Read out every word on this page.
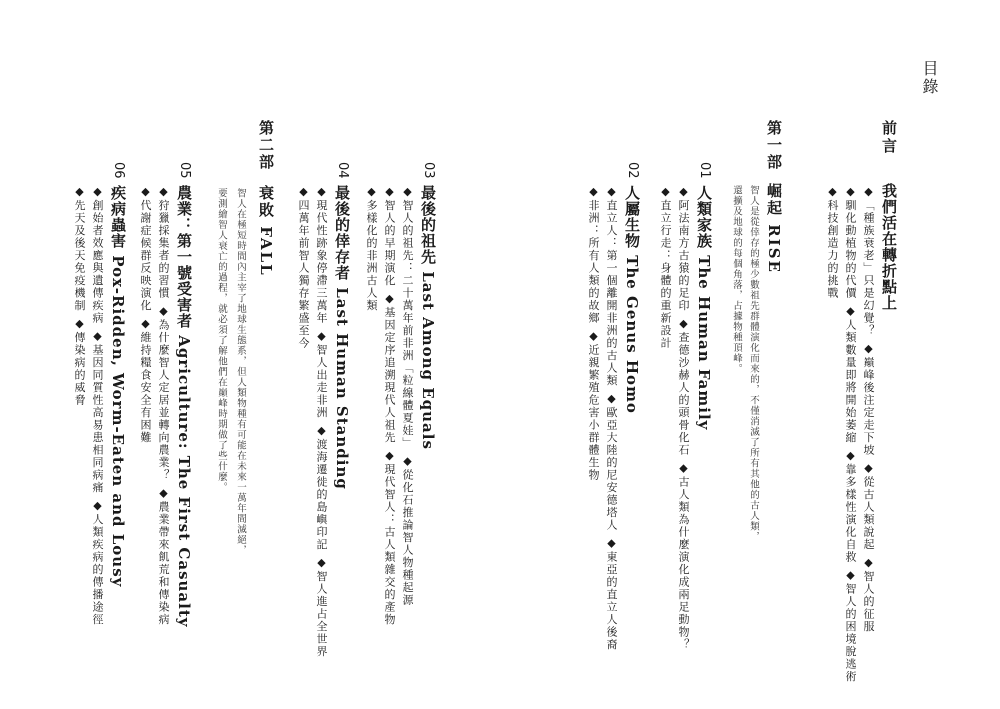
目錄
前言
我們活在轉折點上
◆「種族衰老」只是幻覺？ ◆巔峰後注定走下坡 ◆從古人類說起 ◆智人的征服
◆馴化動植物的代價 ◆人類數量即將開始萎縮 ◆靠多樣性演化自救 ◆智人的困境脫逃術
◆科技創造力的挑戰
第一部
崛起 RISE
智人是從倖存的極少數祖先群體演化而來的，不僅消滅了所有其他的古人類，
還擴及地球的每個角落，占據物種頂峰。
01
人類家族 The Human Family
◆阿法南方古猿的足印 ◆查德沙赫人的頭骨化石 ◆古人類為什麼演化成兩足動物？
◆直立行走：身體的重新設計
02
人屬生物 The Genus Homo
◆直立人：第一個離開非洲的古人類 ◆歐亞大陸的尼安德塔人 ◆東亞的直立人後裔
◆非洲：所有人類的故鄉 ◆近親繁殖危害小群體生物
03
最後的祖先 Last Among Equals
◆智人的祖先：二十萬年前非洲「粒線體夏娃」 ◆從化石推論智人物種起源
◆智人的早期演化 ◆基因定序追溯現代人祖先 ◆現代智人：古人類雜交的產物
◆多樣化的非洲古人類
04
最後的倖存者 Last Human Standing
◆現代性跡象停滯三萬年 ◆智人出走非洲 ◆渡海遷徙的島嶼印記 ◆智人進占全世界
◆四萬年前智人獨存繁盛至今
第二部
衰敗 FALL
智人在極短時間內主宰了地球生態系，但人類物種有可能在未來一萬年間滅絕，
要測繪智人衰亡的過程，就必須了解他們在巔峰時期做了些什麼。
05
農業：第一號受害者 Agriculture: The First Casualty
◆狩獵採集者的習慣 ◆為什麼智人定居並轉向農業？ ◆農業帶來飢荒和傳染病
◆代謝症候群反映演化 ◆維持糧食安全有困難
06
疾病蟲害 Pox-Ridden, Worm-Eaten and Lousy
◆創始者效應與遺傳疾病 ◆基因同質性高易患相同病痛 ◆人類疾病的傳播途徑
◆先天及後天免疫機制 ◆傳染病的威脅
